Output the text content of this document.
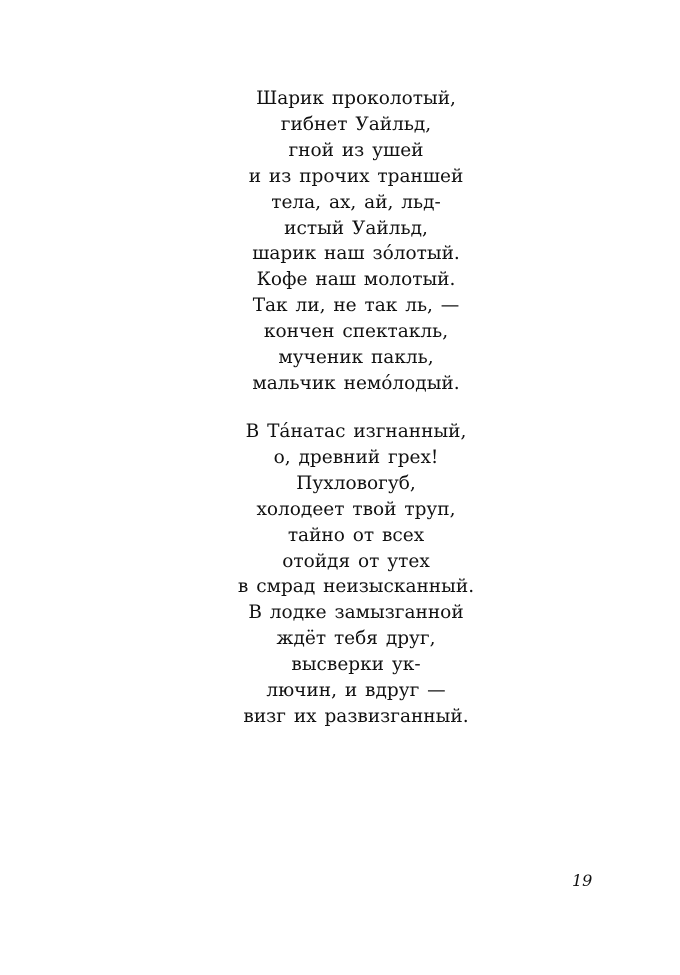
Шарик проколотый,
гибнет Уайльд,
гной из ушей
и из прочих траншей
тела, ах, ай, льд-
истый Уайльд,
шарик наш зо́лотый.
Кофе наш молотый.
Так ли, не так ль, —
кончен спектакль,
мученик пакль,
мальчик немо́лодый.
В Та́натас изгнанный,
о, древний грех!
Пухловогуб,
холодеет твой труп,
тайно от всех
отойдя от утех
в смрад неизысканный.
В лодке замызганной
ждёт тебя друг,
высверки ук-
лючин, и вдруг —
визг их развизганный.
19
